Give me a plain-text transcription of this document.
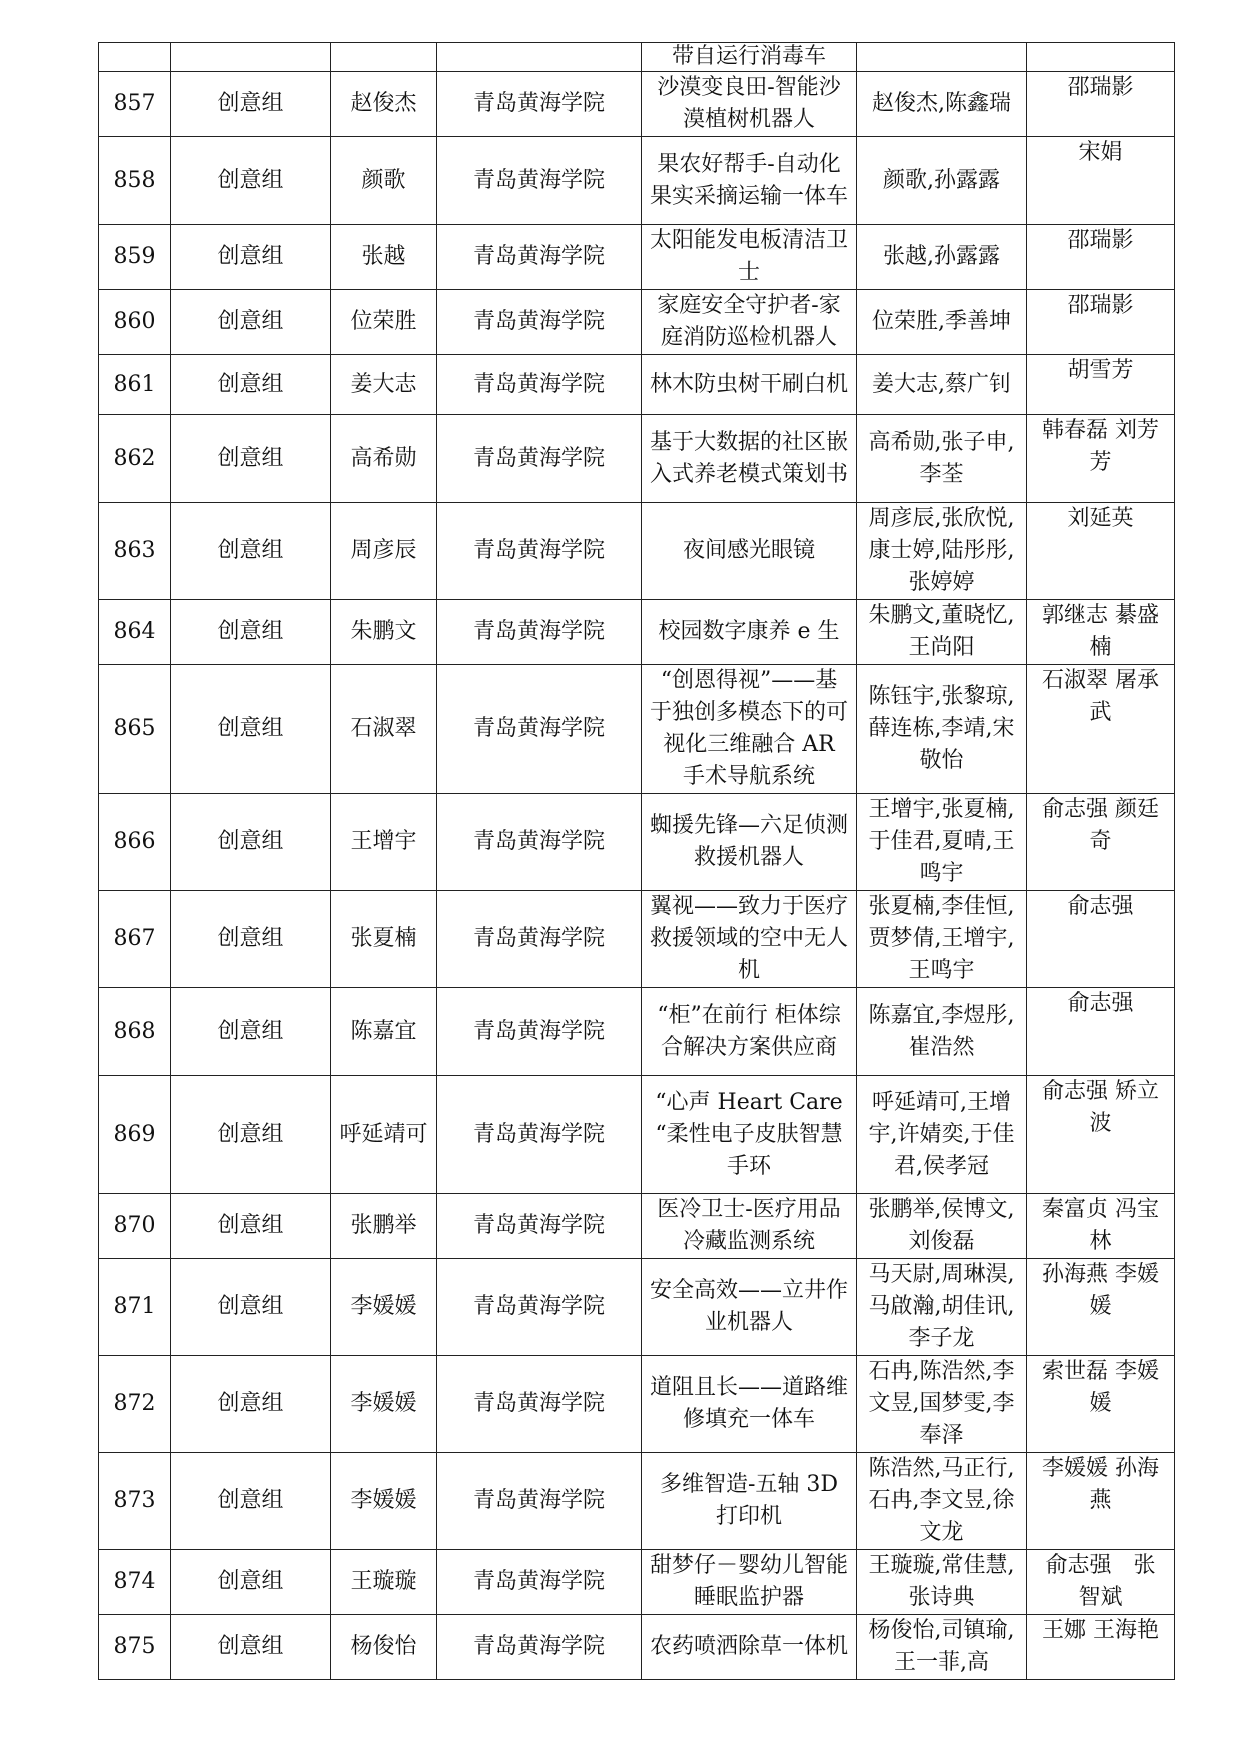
				带自运行消毒车		
857	创意组	赵俊杰	青岛黄海学院	沙漠变良田-智能沙漠植树机器人	赵俊杰,陈鑫瑞	邵瑞影
858	创意组	颜歌	青岛黄海学院	果农好帮手-自动化果实采摘运输一体车	颜歌,孙露露	宋娟
859	创意组	张越	青岛黄海学院	太阳能发电板清洁卫士	张越,孙露露	邵瑞影
860	创意组	位荣胜	青岛黄海学院	家庭安全守护者-家庭消防巡检机器人	位荣胜,季善坤	邵瑞影
861	创意组	姜大志	青岛黄海学院	林木防虫树干刷白机	姜大志,蔡广钊	胡雪芳
862	创意组	高希勋	青岛黄海学院	基于大数据的社区嵌入式养老模式策划书	高希勋,张子申,李荃	韩春磊 刘芳芳
863	创意组	周彦辰	青岛黄海学院	夜间感光眼镜	周彦辰,张欣悦,康士婷,陆彤彤,张婷婷	刘延英
864	创意组	朱鹏文	青岛黄海学院	校园数字康养 e 生	朱鹏文,董晓忆,王尚阳	郭继志 綦盛楠
865	创意组	石淑翠	青岛黄海学院	“创恩得视”——基于独创多模态下的可视化三维融合 AR 手术导航系统	陈钰宇,张黎琼,薛连栋,李靖,宋敬怡	石淑翠 屠承武
866	创意组	王增宇	青岛黄海学院	蜘援先锋—六足侦测救援机器人	王增宇,张夏楠,于佳君,夏晴,王鸣宇	俞志强 颜廷奇
867	创意组	张夏楠	青岛黄海学院	翼视——致力于医疗救援领域的空中无人机	张夏楠,李佳恒,贾梦倩,王增宇,王鸣宇	俞志强
868	创意组	陈嘉宜	青岛黄海学院	“柜”在前行 柜体综合解决方案供应商	陈嘉宜,李煜彤,崔浩然	俞志强
869	创意组	呼延靖可	青岛黄海学院	“心声 Heart Care “柔性电子皮肤智慧手环	呼延靖可,王增宇,许婧奕,于佳君,侯孝冠	俞志强 矫立波
870	创意组	张鹏举	青岛黄海学院	医冷卫士-医疗用品冷藏监测系统	张鹏举,侯博文,刘俊磊	秦富贞 冯宝林
871	创意组	李媛媛	青岛黄海学院	安全高效——立井作业机器人	马天尉,周琳淏,马啟瀚,胡佳讯,李子龙	孙海燕 李媛媛
872	创意组	李媛媛	青岛黄海学院	道阻且长——道路维修填充一体车	石冉,陈浩然,李文昱,国梦雯,李奉泽	索世磊 李媛媛
873	创意组	李媛媛	青岛黄海学院	多维智造-五轴 3D 打印机	陈浩然,马正行,石冉,李文昱,徐文龙	李媛媛 孙海燕
874	创意组	王璇璇	青岛黄海学院	甜梦仔－婴幼儿智能睡眠监护器	王璇璇,常佳慧,张诗典	俞志强　张智斌
875	创意组	杨俊怡	青岛黄海学院	农药喷洒除草一体机	杨俊怡,司镇瑜,王一菲,高	王娜 王海艳
